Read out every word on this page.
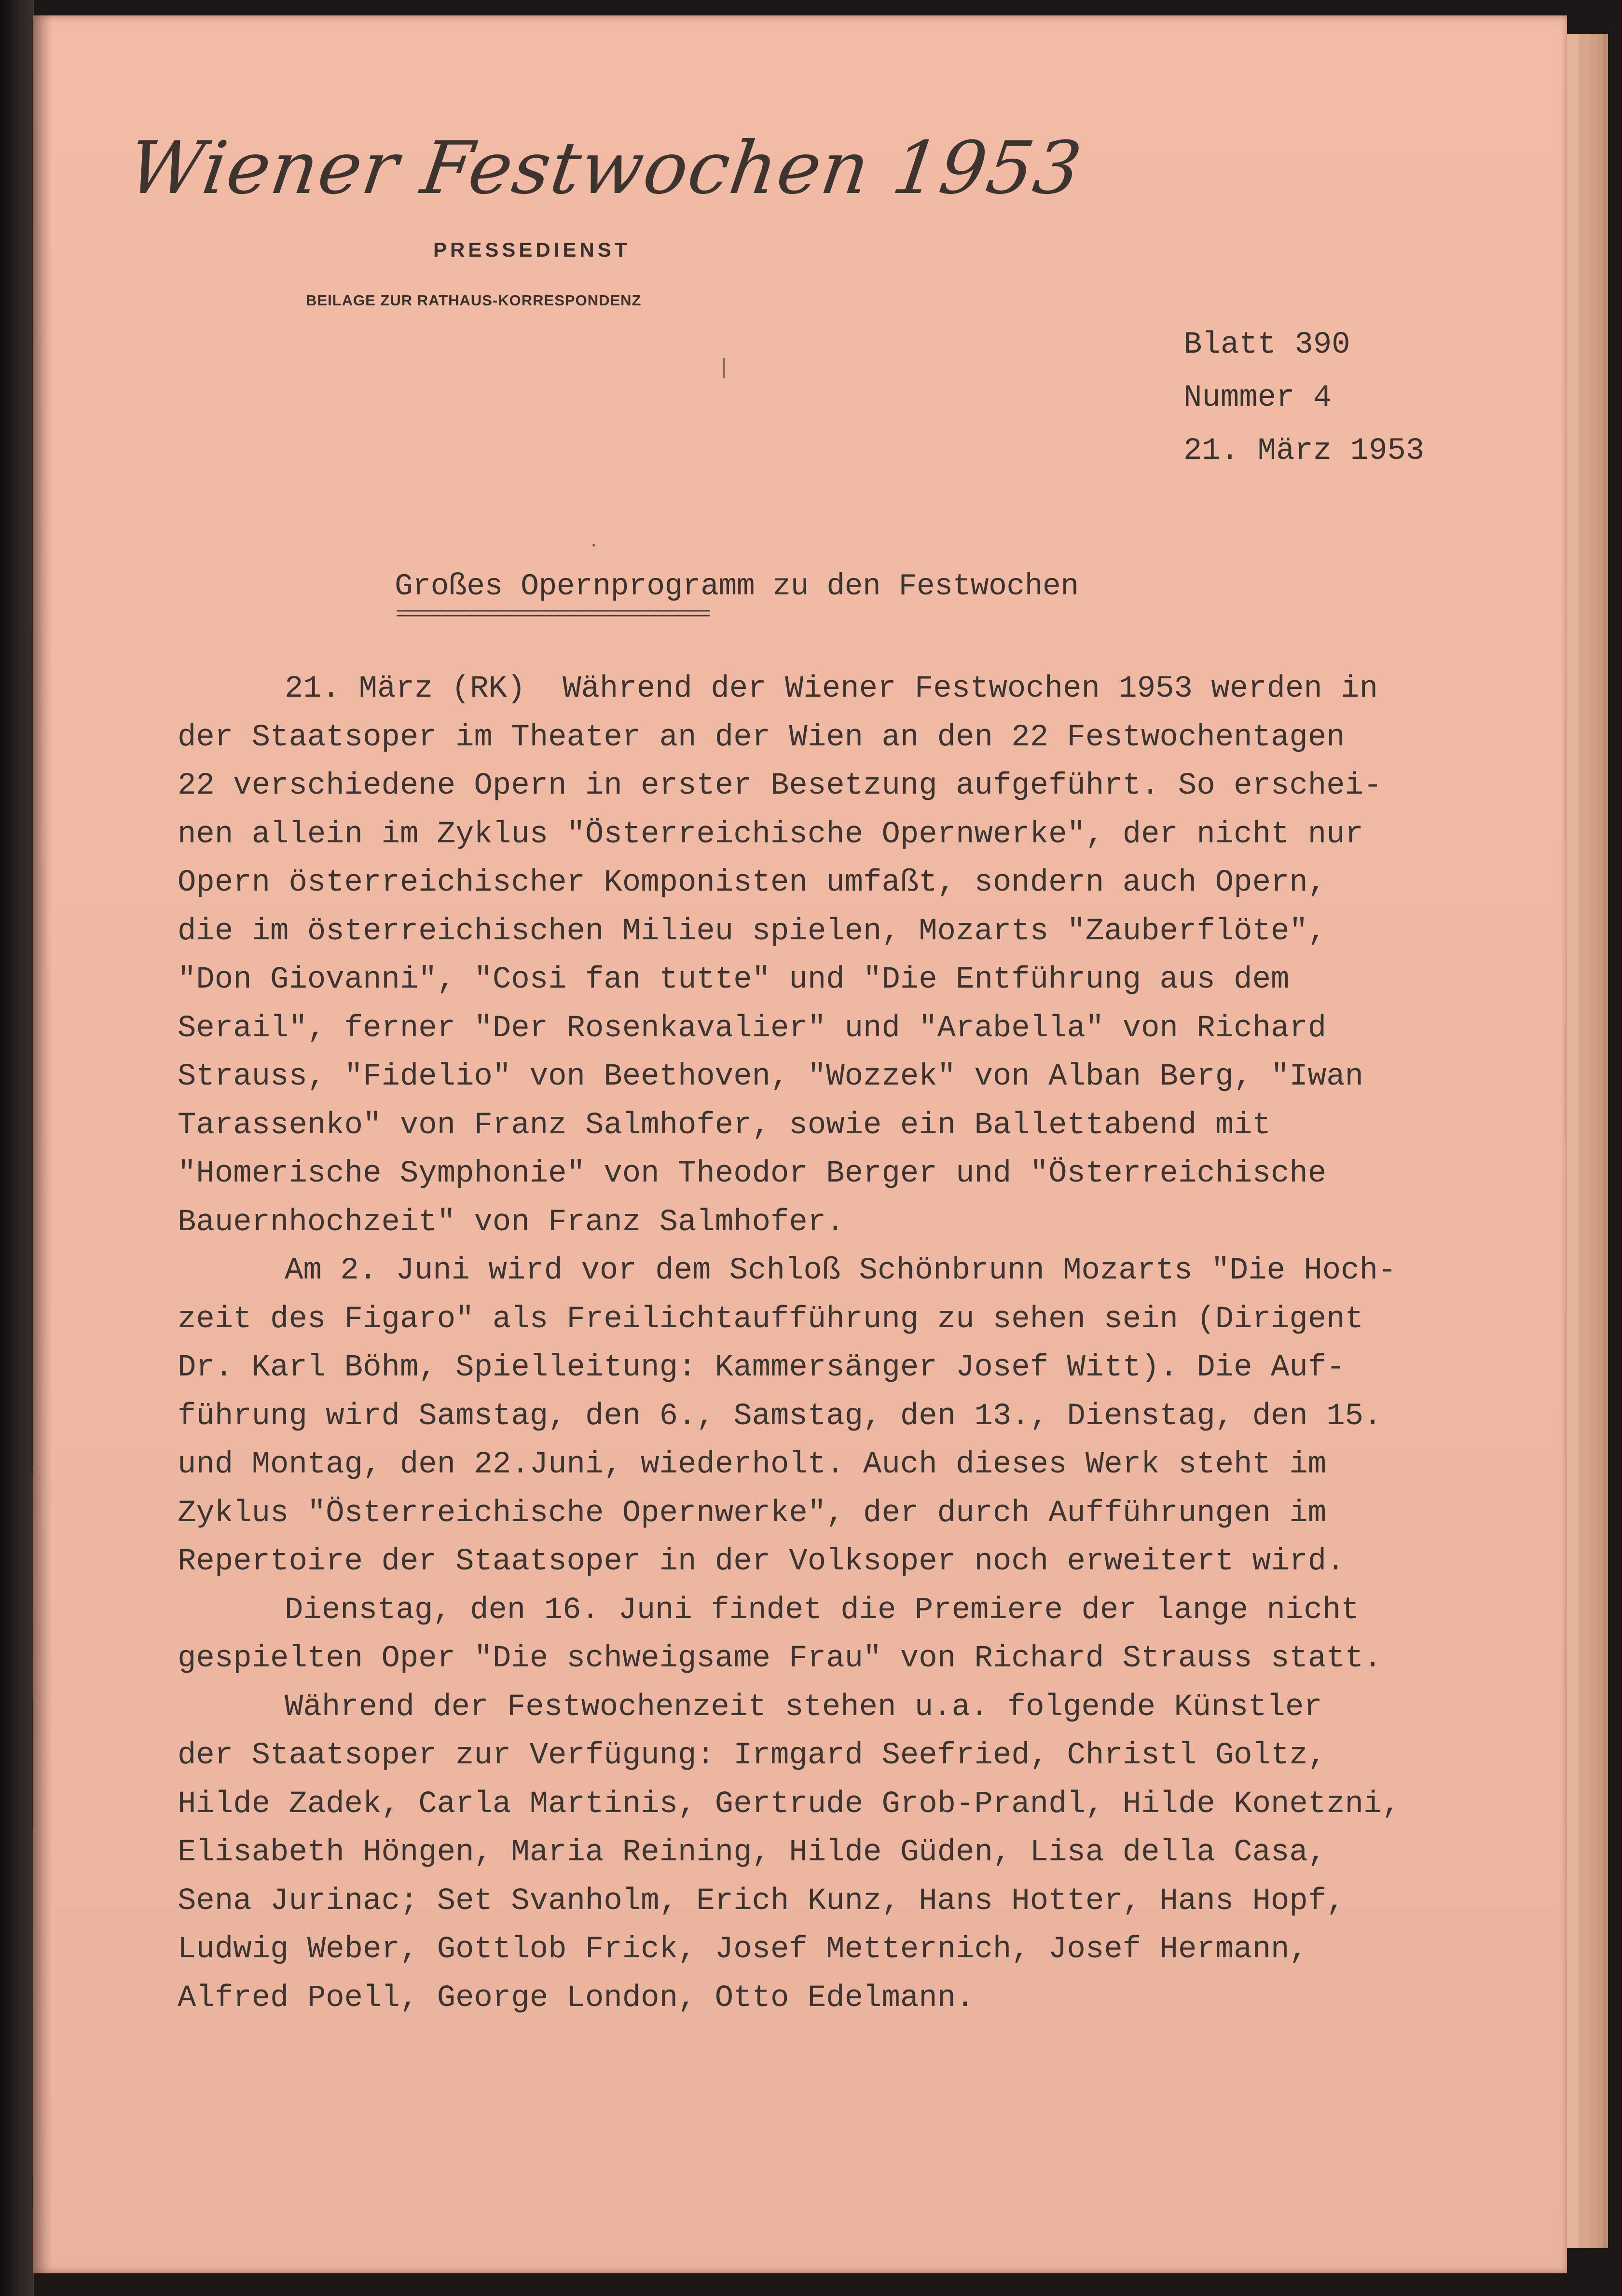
Wiener Festwochen 1953
PRESSEDIENST
BEILAGE ZUR RATHAUS-KORRESPONDENZ
Blatt 390
Nummer 4
21. März 1953
Großes Opernprogramm zu den Festwochen
====================================
21. März (RK)  Während der Wiener Festwochen 1953 werden in
der Staatsoper im Theater an der Wien an den 22 Festwochentagen
22 verschiedene Opern in erster Besetzung aufgeführt. So erschei-
nen allein im Zyklus "Österreichische Opernwerke", der nicht nur
Opern österreichischer Komponisten umfaßt, sondern auch Opern,
die im österreichischen Milieu spielen, Mozarts "Zauberflöte",
"Don Giovanni", "Cosi fan tutte" und "Die Entführung aus dem
Serail", ferner "Der Rosenkavalier" und "Arabella" von Richard
Strauss, "Fidelio" von Beethoven, "Wozzek" von Alban Berg, "Iwan
Tarassenko" von Franz Salmhofer, sowie ein Ballettabend mit
"Homerische Symphonie" von Theodor Berger und "Österreichische
Bauernhochzeit" von Franz Salmhofer.
Am 2. Juni wird vor dem Schloß Schönbrunn Mozarts "Die Hoch-
zeit des Figaro" als Freilichtaufführung zu sehen sein (Dirigent
Dr. Karl Böhm, Spielleitung: Kammersänger Josef Witt). Die Auf-
führung wird Samstag, den 6., Samstag, den 13., Dienstag, den 15.
und Montag, den 22.Juni, wiederholt. Auch dieses Werk steht im
Zyklus "Österreichische Opernwerke", der durch Aufführungen im
Repertoire der Staatsoper in der Volksoper noch erweitert wird.
Dienstag, den 16. Juni findet die Premiere der lange nicht
gespielten Oper "Die schweigsame Frau" von Richard Strauss statt.
Während der Festwochenzeit stehen u.a. folgende Künstler
der Staatsoper zur Verfügung: Irmgard Seefried, Christl Goltz,
Hilde Zadek, Carla Martinis, Gertrude Grob-Prandl, Hilde Konetzni,
Elisabeth Höngen, Maria Reining, Hilde Güden, Lisa della Casa,
Sena Jurinac; Set Svanholm, Erich Kunz, Hans Hotter, Hans Hopf,
Ludwig Weber, Gottlob Frick, Josef Metternich, Josef Hermann,
Alfred Poell, George London, Otto Edelmann.
